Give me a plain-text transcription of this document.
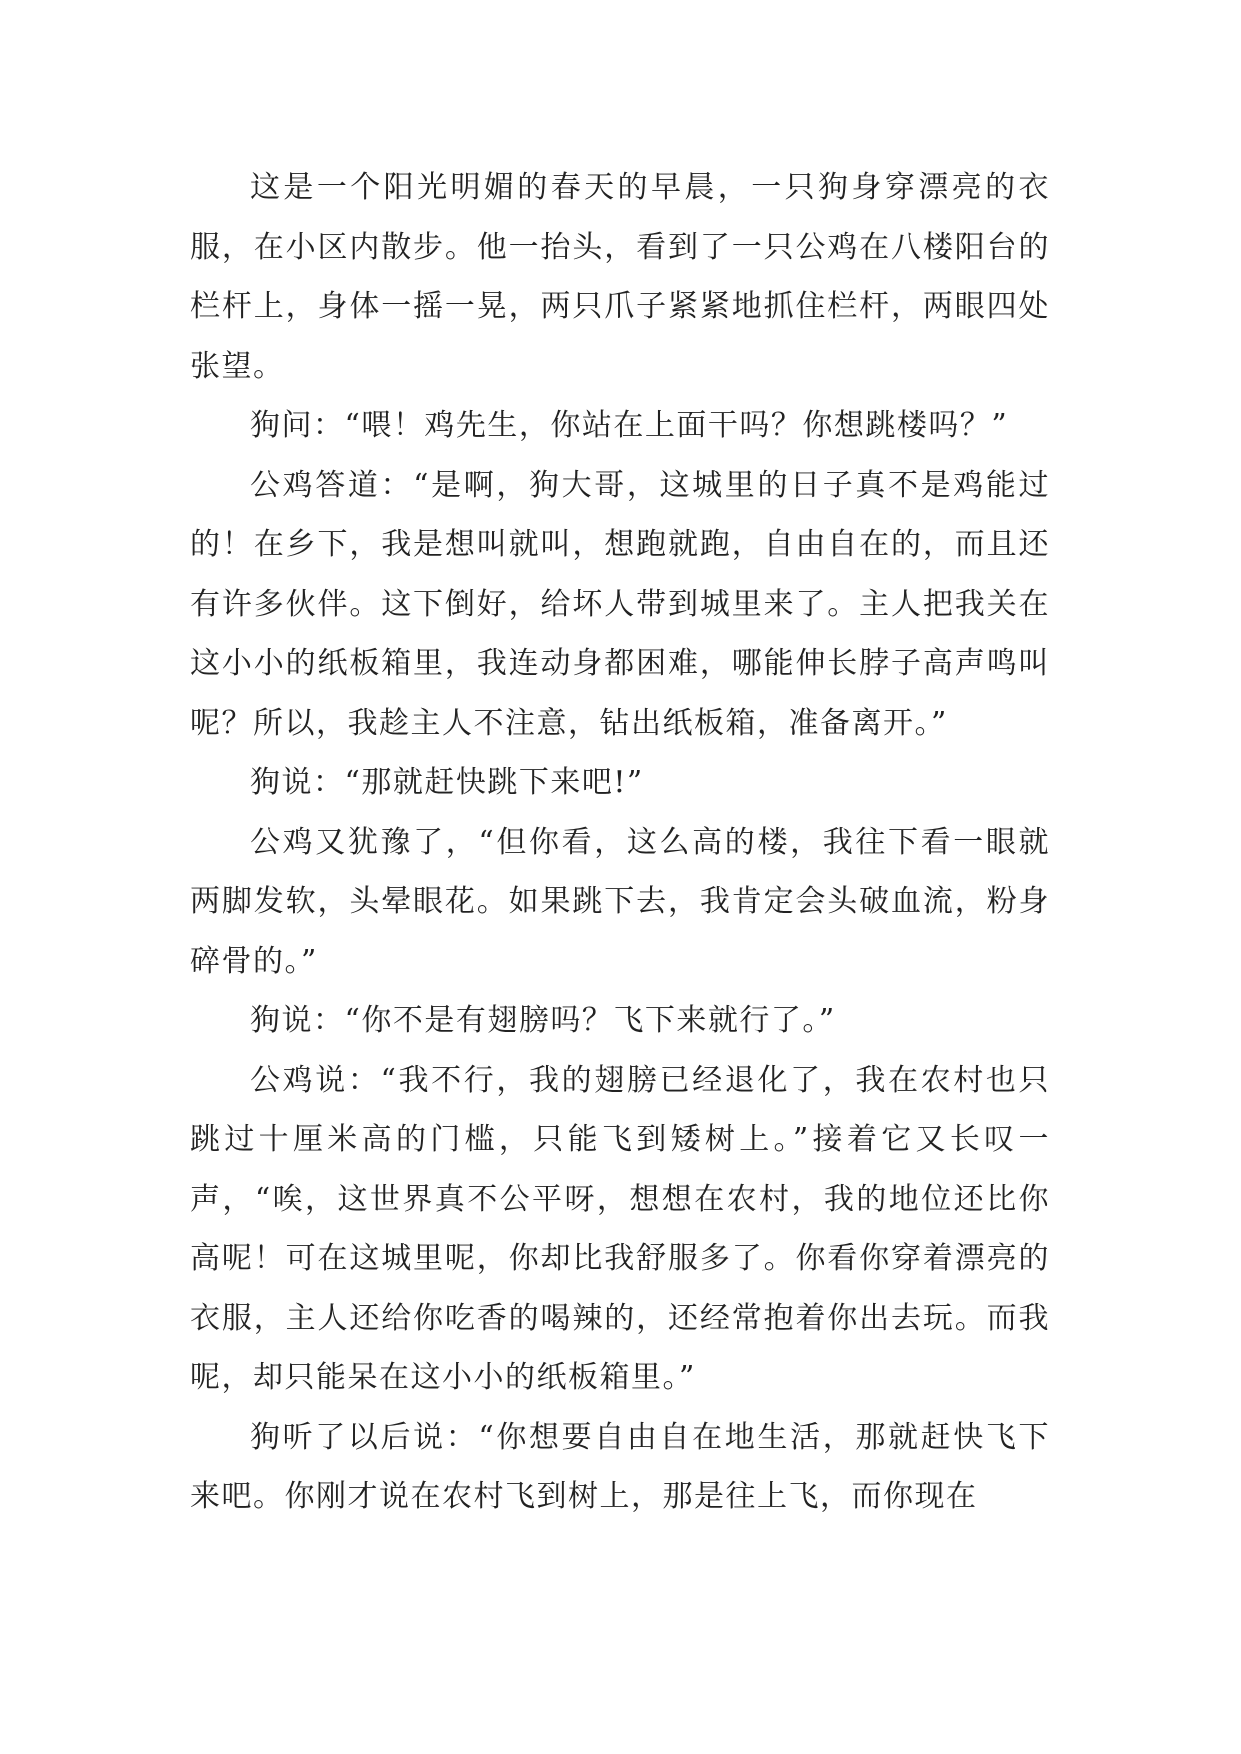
这是一个阳光明媚的春天的早晨，一只狗身穿漂亮的衣服，在小区内散步。他一抬头，看到了一只公鸡在八楼阳台的栏杆上，身体一摇一晃，两只爪子紧紧地抓住栏杆，两眼四处张望。

狗问：“喂！鸡先生，你站在上面干吗？你想跳楼吗？”

公鸡答道：“是啊，狗大哥，这城里的日子真不是鸡能过的！在乡下，我是想叫就叫，想跑就跑，自由自在的，而且还有许多伙伴。这下倒好，给坏人带到城里来了。主人把我关在这小小的纸板箱里，我连动身都困难，哪能伸长脖子高声鸣叫呢？所以，我趁主人不注意，钻出纸板箱，准备离开。”

狗说：“那就赶快跳下来吧!”

公鸡又犹豫了，“但你看，这么高的楼，我往下看一眼就两脚发软，头晕眼花。如果跳下去，我肯定会头破血流，粉身碎骨的。”

狗说：“你不是有翅膀吗？飞下来就行了。”

公鸡说：“我不行，我的翅膀已经退化了，我在农村也只跳过十厘米高的门槛，只能飞到矮树上。”接着它又长叹一声，“唉，这世界真不公平呀，想想在农村，我的地位还比你高呢！可在这城里呢，你却比我舒服多了。你看你穿着漂亮的衣服，主人还给你吃香的喝辣的，还经常抱着你出去玩。而我呢，却只能呆在这小小的纸板箱里。”

狗听了以后说：“你想要自由自在地生活，那就赶快飞下来吧。你刚才说在农村飞到树上，那是往上飞，而你现在
